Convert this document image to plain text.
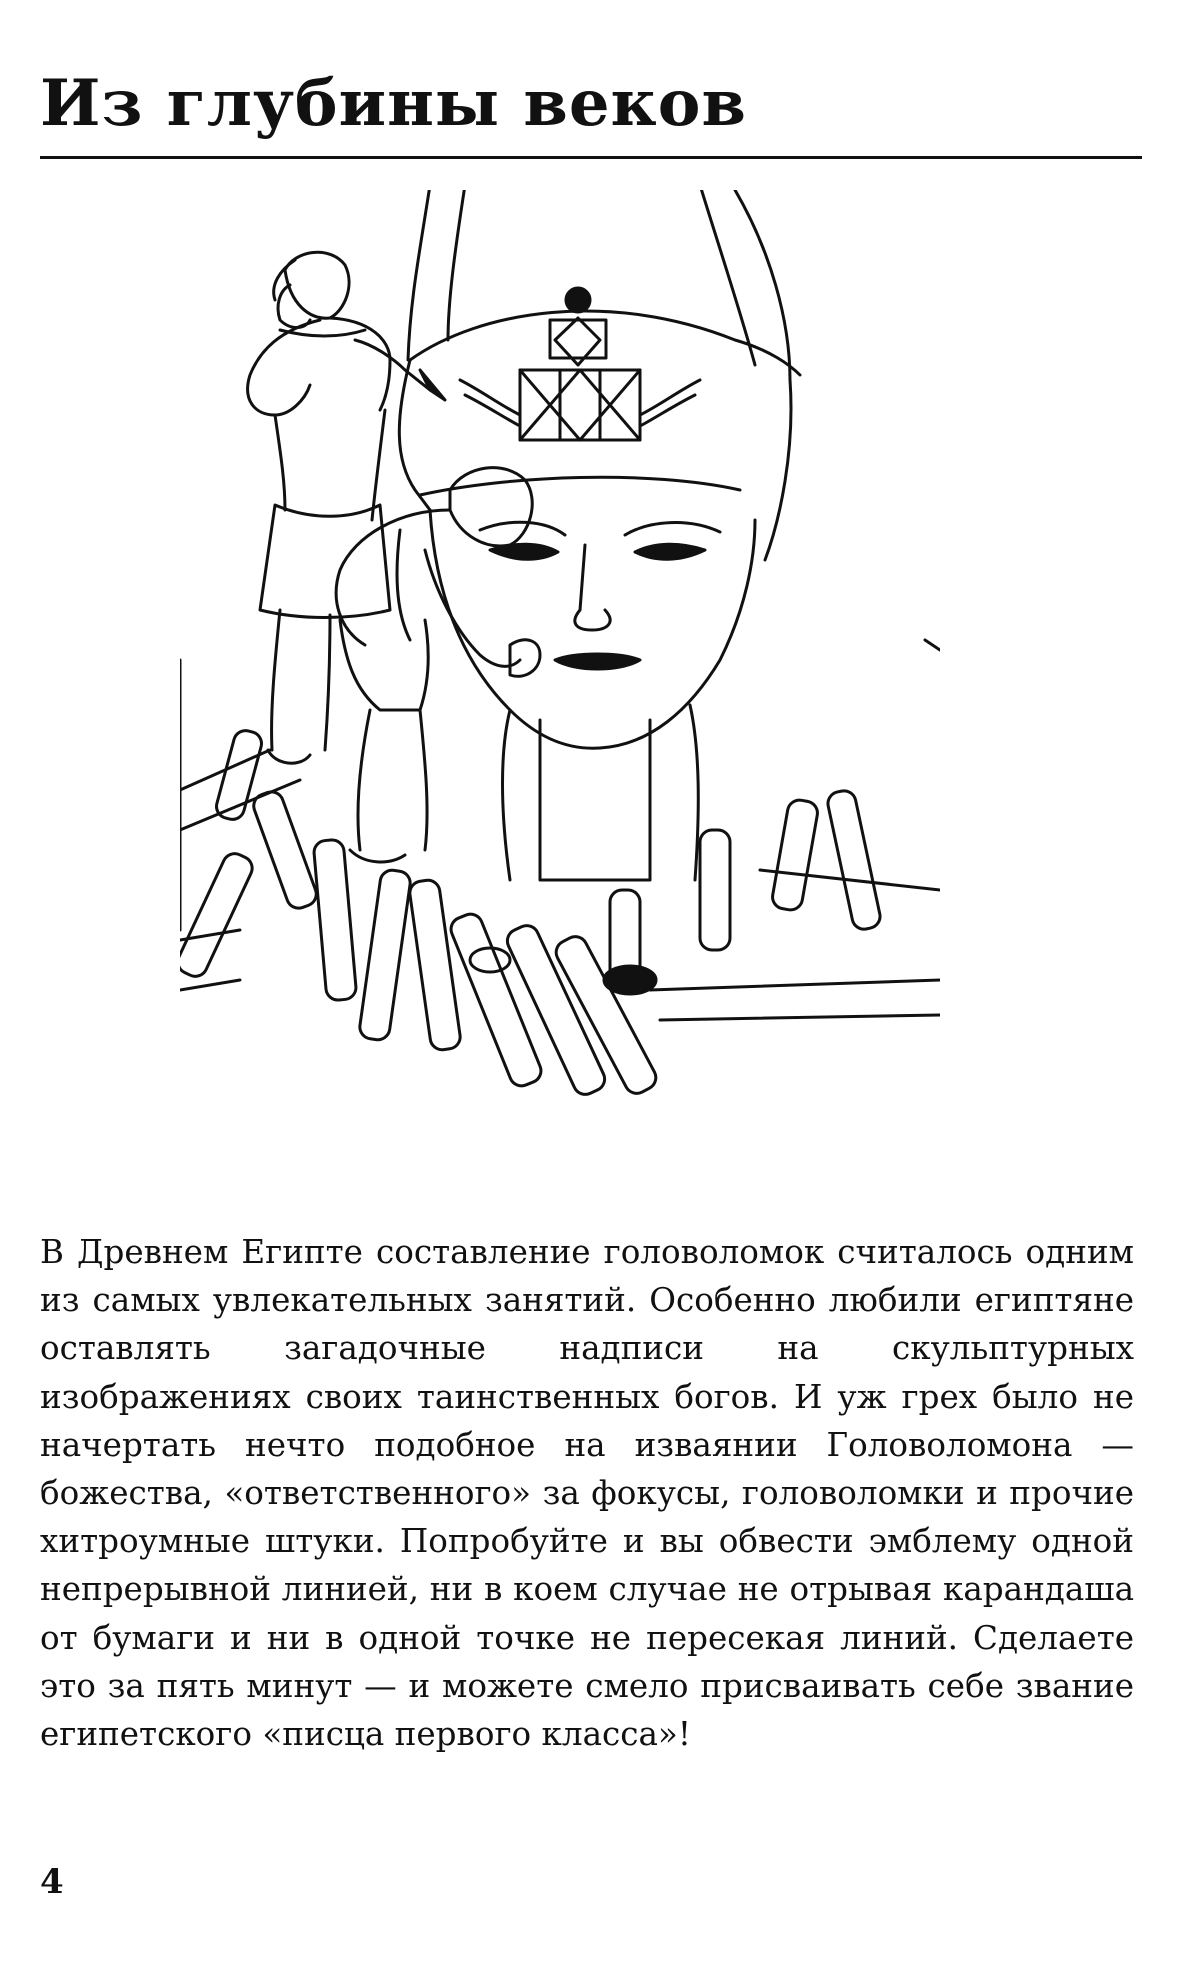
Из глубины веков

В Древнем Египте составление головоломок считалось одним из самых увлекательных занятий. Особенно любили египтяне оставлять загадочные надписи на скульптурных изображениях своих таинственных богов. И уж грех было не начертать нечто подобное на изваянии Головоломона — божества, «ответственного» за фокусы, головоломки и прочие хитроумные штуки. Попробуйте и вы обвести эмблему одной непрерывной линией, ни в коем случае не отрывая карандаша от бумаги и ни в одной точке не пересекая линий. Сделаете это за пять минут — и можете смело присваивать себе звание египетского «писца первого класса»!

4
